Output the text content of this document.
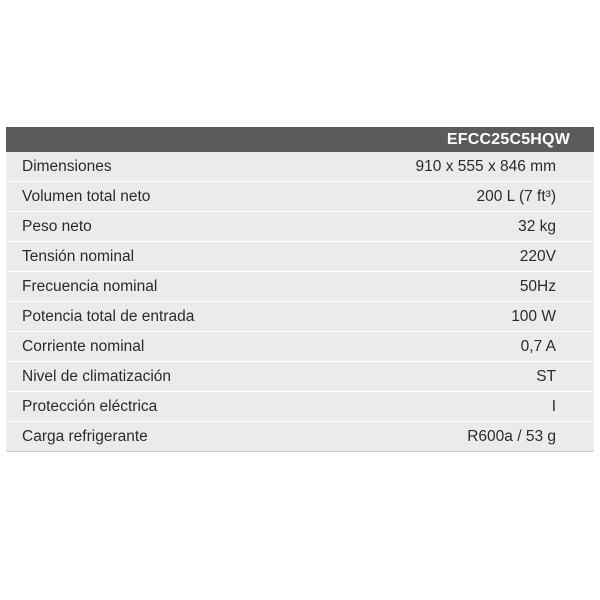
EFCC25C5HQW
Dimensiones	910 x 555 x 846 mm
Volumen total neto	200 L (7 ft³)
Peso neto	32 kg
Tensión nominal	220V
Frecuencia nominal	50Hz
Potencia total de entrada	100 W
Corriente nominal	0,7 A
Nivel de climatización	ST
Protección eléctrica	I
Carga refrigerante	R600a / 53 g
